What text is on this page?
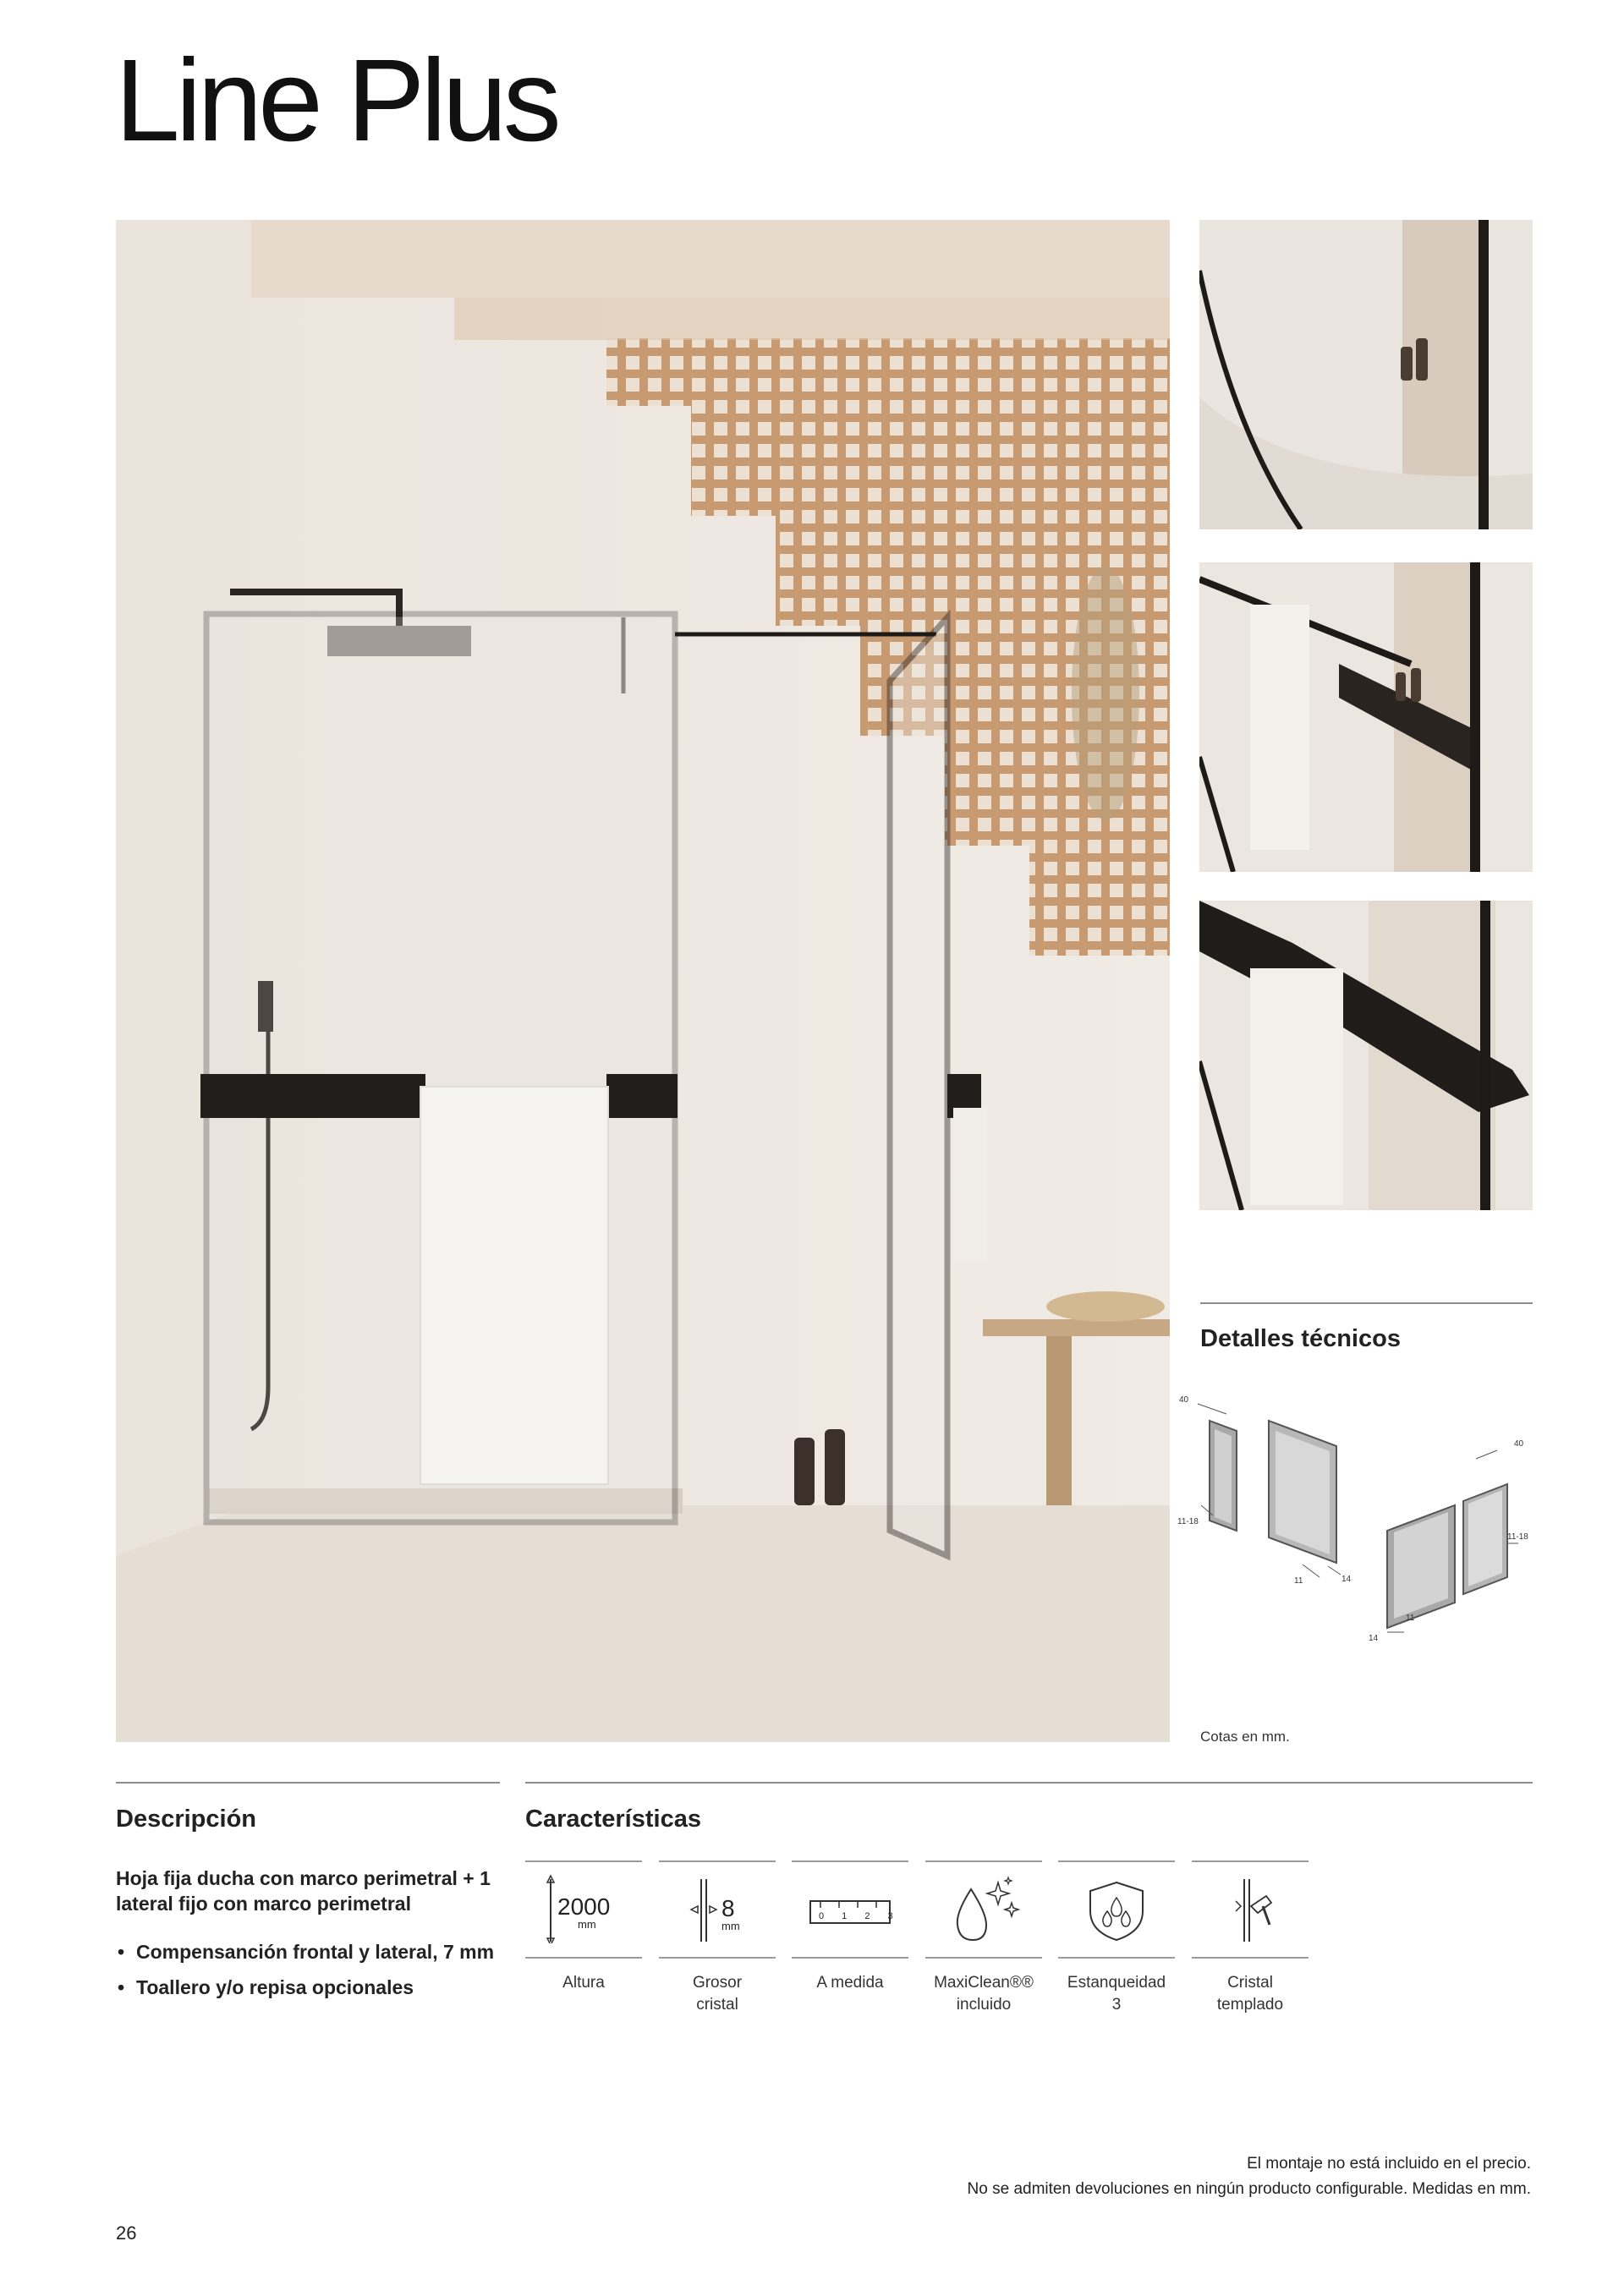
Line Plus
Detalles técnicos
40
11-18
11	14
40
11-18
14
11
Cotas en mm.
Descripción
Hoja fija ducha con marco perimetral + 1 lateral fijo con marco perimetral
• Compensanción frontal y lateral, 7 mm
• Toallero y/o repisa opcionales
Características
2000
mm
Altura
8
mm
Grosor
cristal
0 1 2 3
A medida	MaxiClean®®
incluido
Estanqueidad
3
Cristal
templado
El montaje no está incluido en el precio.
No se admiten devoluciones en ningún producto configurable. Medidas en mm.
26
